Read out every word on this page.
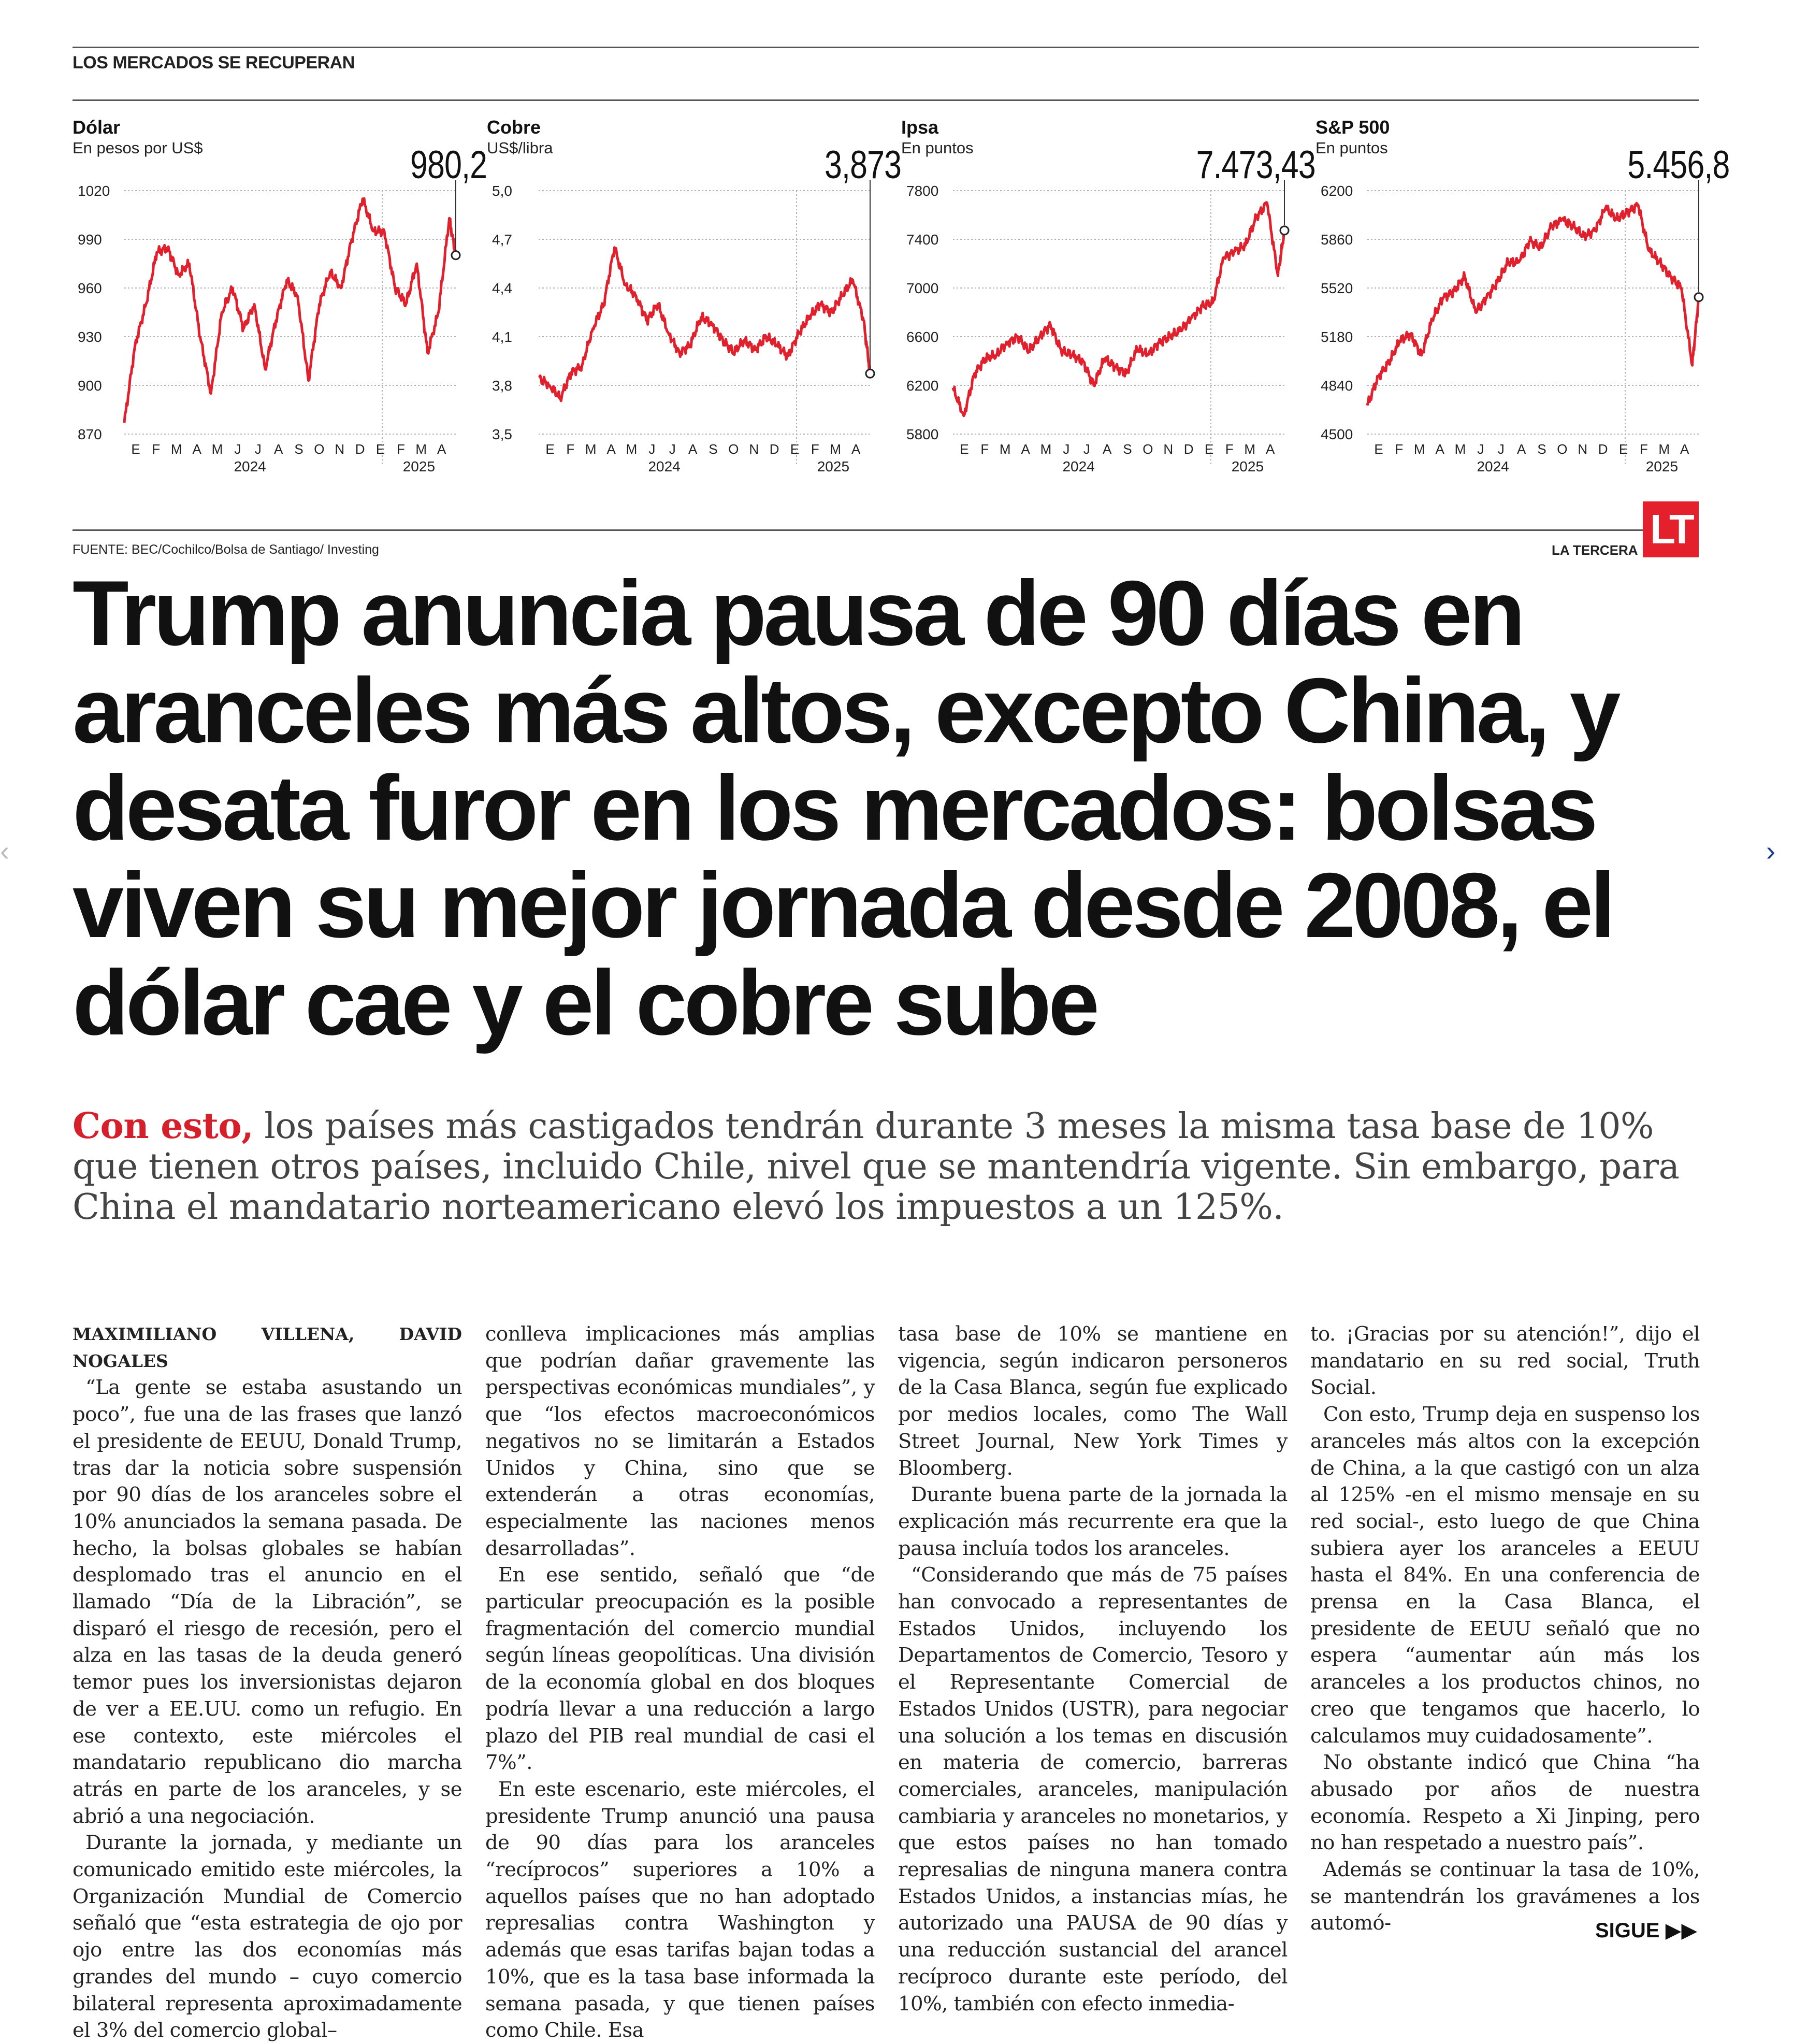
LOS MERCADOS SE RECUPERAN
Dólar
En pesos por US$	980,2
1020
990
960
930
900
870
E F M A M J J A S O N D E F M A
2024	2025
Cobre
US$/libra	3,873
5,0
4,7
4,4
4,1
3,8
3,5
E F M A M J J A S O N D E F M A
2024	2025
Ipsa
En puntos	7.473,43
7800
7400
7000
6600
6200
5800
E F M A M J J A S O N D E F M A
2024	2025
S&P 500
En puntos	5.456,8
6200
5860
5520
5180
4840
4500
E F M A M J J A S O N D E F M A
2024	2025
FUENTE: BEC/Cochilco/Bolsa de Santiago/ Investing	LA TERCERA LT
Trump anuncia pausa de 90 días en aranceles más altos, excepto China, y desata furor en los mercados: bolsas viven su mejor jornada desde 2008, el dólar cae y el cobre sube

Con esto, los países más castigados tendrán durante 3 meses la misma tasa base de 10% que tienen otros países, incluido Chile, nivel que se mantendría vigente. Sin embargo, para China el mandatario norteamericano elevó los impuestos a un 125%.

MAXIMILIANO VILLENA, DAVID NOGALES

“La gente se estaba asustando un poco”, fue una de las frases que lanzó el presidente de EEUU, Donald Trump, tras dar la noticia sobre suspensión por 90 días de los aranceles sobre el 10% anunciados la semana pasada. De hecho, la bolsas globales se habían desplomado tras el anuncio en el llamado “Día de la Libración”, se disparó el riesgo de recesión, pero el alza en las tasas de la deuda generó temor pues los inversionistas dejaron de ver a EE.UU. como un refugio. En ese contexto, este miércoles el mandatario republicano dio marcha atrás en parte de los aranceles, y se abrió a una negociación.

Durante la jornada, y mediante un comunicado emitido este miércoles, la Organización Mundial de Comercio señaló que “esta estrategia de ojo por ojo entre las dos economías más grandes del mundo – cuyo comercio bilateral representa aproximadamente el 3% del comercio global–

conlleva implicaciones más amplias que podrían dañar gravemente las perspectivas económicas mundiales”, y que “los efectos macroeconómicos negativos no se limitarán a Estados Unidos y China, sino que se extenderán a otras economías, especialmente las naciones menos desarrolladas”.

En ese sentido, señaló que “de particular preocupación es la posible fragmentación del comercio mundial según líneas geopolíticas. Una división de la economía global en dos bloques podría llevar a una reducción a largo plazo del PIB real mundial de casi el 7%”.

En este escenario, este miércoles, el presidente Trump anunció una pausa de 90 días para los aranceles “recíprocos” superiores a 10% a aquellos países que no han adoptado represalias contra Washington y además que esas tarifas bajan todas a 10%, que es la tasa base informada la semana pasada, y que tienen países como Chile. Esa

tasa base de 10% se mantiene en vigencia, según indicaron personeros de la Casa Blanca, según fue explicado por medios locales, como The Wall Street Journal, New York Times y Bloomberg.

Durante buena parte de la jornada la explicación más recurrente era que la pausa incluía todos los aranceles.

“Considerando que más de 75 países han convocado a representantes de Estados Unidos, incluyendo los Departamentos de Comercio, Tesoro y el Representante Comercial de Estados Unidos (USTR), para negociar una solución a los temas en discusión en materia de comercio, barreras comerciales, aranceles, manipulación cambiaria y aranceles no monetarios, y que estos países no han tomado represalias de ninguna manera contra Estados Unidos, a instancias mías, he autorizado una PAUSA de 90 días y una reducción sustancial del arancel recíproco durante este período, del 10%, también con efecto inmedia-

to. ¡Gracias por su atención!”, dijo el mandatario en su red social, Truth Social.

Con esto, Trump deja en suspenso los aranceles más altos con la excepción de China, a la que castigó con un alza al 125% -en el mismo mensaje en su red social-, esto luego de que China subiera ayer los aranceles a EEUU hasta el 84%. En una conferencia de prensa en la Casa Blanca, el presidente de EEUU señaló que no espera “aumentar aún más los aranceles a los productos chinos, no creo que tengamos que hacerlo, lo calculamos muy cuidadosamente”.

No obstante indicó que China “ha abusado por años de nuestra economía. Respeto a Xi Jinping, pero no han respetado a nuestro país”.

Además se continuar la tasa de 10%, se mantendrán los gravámenes a los automó-	SIGUE ▶▶
›
‹
